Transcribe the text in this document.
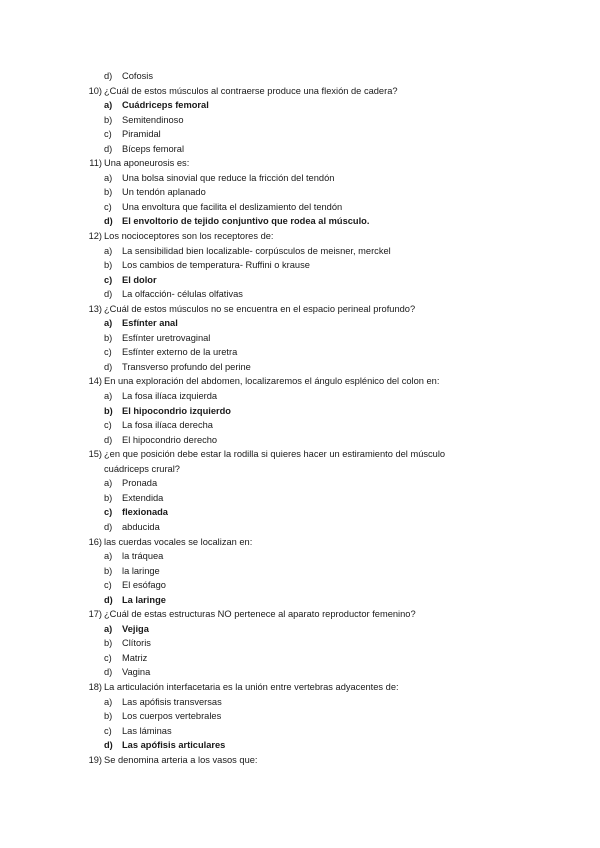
d) Cofosis
10) ¿Cuál de estos músculos al contraerse produce una flexión de cadera?
a) Cuádriceps femoral
b) Semitendinoso
c) Piramidal
d) Bíceps femoral
11) Una aponeurosis es:
a) Una bolsa sinovial que reduce la fricción del tendón
b) Un tendón aplanado
c) Una envoltura que facilita el deslizamiento del tendón
d) El envoltorio de tejido conjuntivo que rodea al músculo.
12) Los nocioceptores son los receptores de:
a) La sensibilidad bien localizable- corpúsculos de meisner, merckel
b) Los cambios de temperatura- Ruffini o krause
c) El dolor
d) La olfacción- células olfativas
13) ¿Cuál de estos músculos no se encuentra en el espacio perineal profundo?
a) Esfínter anal
b) Esfínter uretrovaginal
c) Esfínter externo de la uretra
d) Transverso profundo del perine
14) En una exploración del abdomen, localizaremos el ángulo esplénico del colon en:
a) La fosa ilíaca izquierda
b) El hipocondrio izquierdo
c) La fosa ilíaca derecha
d) El hipocondrio derecho
15) ¿en que posición debe estar la rodilla si quieres hacer un estiramiento del músculo
cuádriceps crural?
a) Pronada
b) Extendida
c) flexionada
d) abducida
16) las cuerdas vocales se localizan en:
a) la tráquea
b) la laringe
c) El esófago
d) La laringe
17) ¿Cuál de estas estructuras NO pertenece al aparato reproductor femenino?
a) Vejiga
b) Clítoris
c) Matriz
d) Vagina
18) La articulación interfacetaria es la unión entre vertebras adyacentes de:
a) Las apófisis transversas
b) Los cuerpos vertebrales
c) Las láminas
d) Las apófisis articulares
19) Se denomina arteria a los vasos que:
